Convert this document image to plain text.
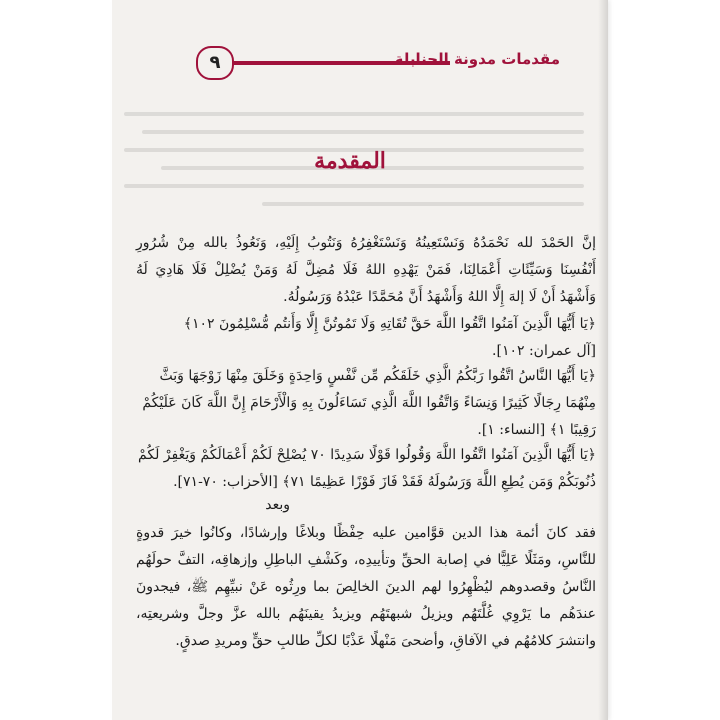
٩	مقدمات مدونة الحنابلة
المقدمة
إنَّ الحَمْدَ لله نَحْمَدُهُ وَنَسْتَعِينُهُ وَنَسْتَغْفِرُهُ وَنَتُوبُ إِلَيْهِ، وَنَعُوذُ بالله مِنْ شُرُورِ أَنْفُسِنَا وَسَيِّئَاتِ أَعْمَالِنَا، فَمَنْ يَهْدِهِ اللهُ فَلَا مُضِلَّ لَهُ وَمَنْ يُضْلِلْ فَلَا هَادِيَ لَهُ وَأَشْهَدُ أَنْ لَا إلهَ إِلَّا اللهُ وَأَشْهَدُ أَنَّ مُحَمَّدًا عَبْدُهُ وَرَسُولُهُ.
﴿يَا أَيُّهَا الَّذِينَ آمَنُوا اتَّقُوا اللَّهَ حَقَّ تُقَاتِهِ وَلَا تَمُوتُنَّ إِلَّا وَأَنتُم مُّسْلِمُونَ ١٠٢﴾ [آل عمران: ١٠٢].
﴿يَا أَيُّهَا النَّاسُ اتَّقُوا رَبَّكُمُ الَّذِي خَلَقَكُم مِّن نَّفْسٍ وَاحِدَةٍ وَخَلَقَ مِنْهَا زَوْجَهَا وَبَثَّ مِنْهُمَا رِجَالًا كَثِيرًا وَنِسَاءً وَاتَّقُوا اللَّهَ الَّذِي تَسَاءَلُونَ بِهِ وَالْأَرْحَامَ إِنَّ اللَّهَ كَانَ عَلَيْكُمْ رَقِيبًا ١﴾ [النساء: ١].
﴿يَا أَيُّهَا الَّذِينَ آمَنُوا اتَّقُوا اللَّهَ وَقُولُوا قَوْلًا سَدِيدًا ٧٠ يُصْلِحْ لَكُمْ أَعْمَالَكُمْ وَيَغْفِرْ لَكُمْ ذُنُوبَكُمْ وَمَن يُطِعِ اللَّهَ وَرَسُولَهُ فَقَدْ فَازَ فَوْزًا عَظِيمًا ٧١﴾ [الأحزاب: ٧٠-٧١].
وبعد
فقد كانَ أئمة هذا الدين قوَّامين عليه حِفْظًا وبلاغًا وإرشادًا، وكانُوا خيرَ قدوةٍ للنَّاسِ، ومَثَلًا عَلِيًّا في إصابة الحقِّ وتأييدِه، وكَشْفِ الباطِلِ وإزهاقِه، التفَّ حولَهُم النَّاسُ وقصدوهم ليُظْهِرُوا لهم الدينَ الخالِصَ بما ورِثُوه عَنْ نبيِّهِم ﷺ، فيجدونَ عندَهُم ما يَرْوِي غُلَّتَهُم ويزيلُ شبهتَهُم ويزيدُ يقينَهُم بالله عزَّ وجلَّ وشريعتِه، وانتشرَ كلامُهُم في الآفاقِ، وأضحىَ مَنْهلًا عَذْبًا لكلِّ طالبِ حقٍّ ومريدِ صدقٍ.
